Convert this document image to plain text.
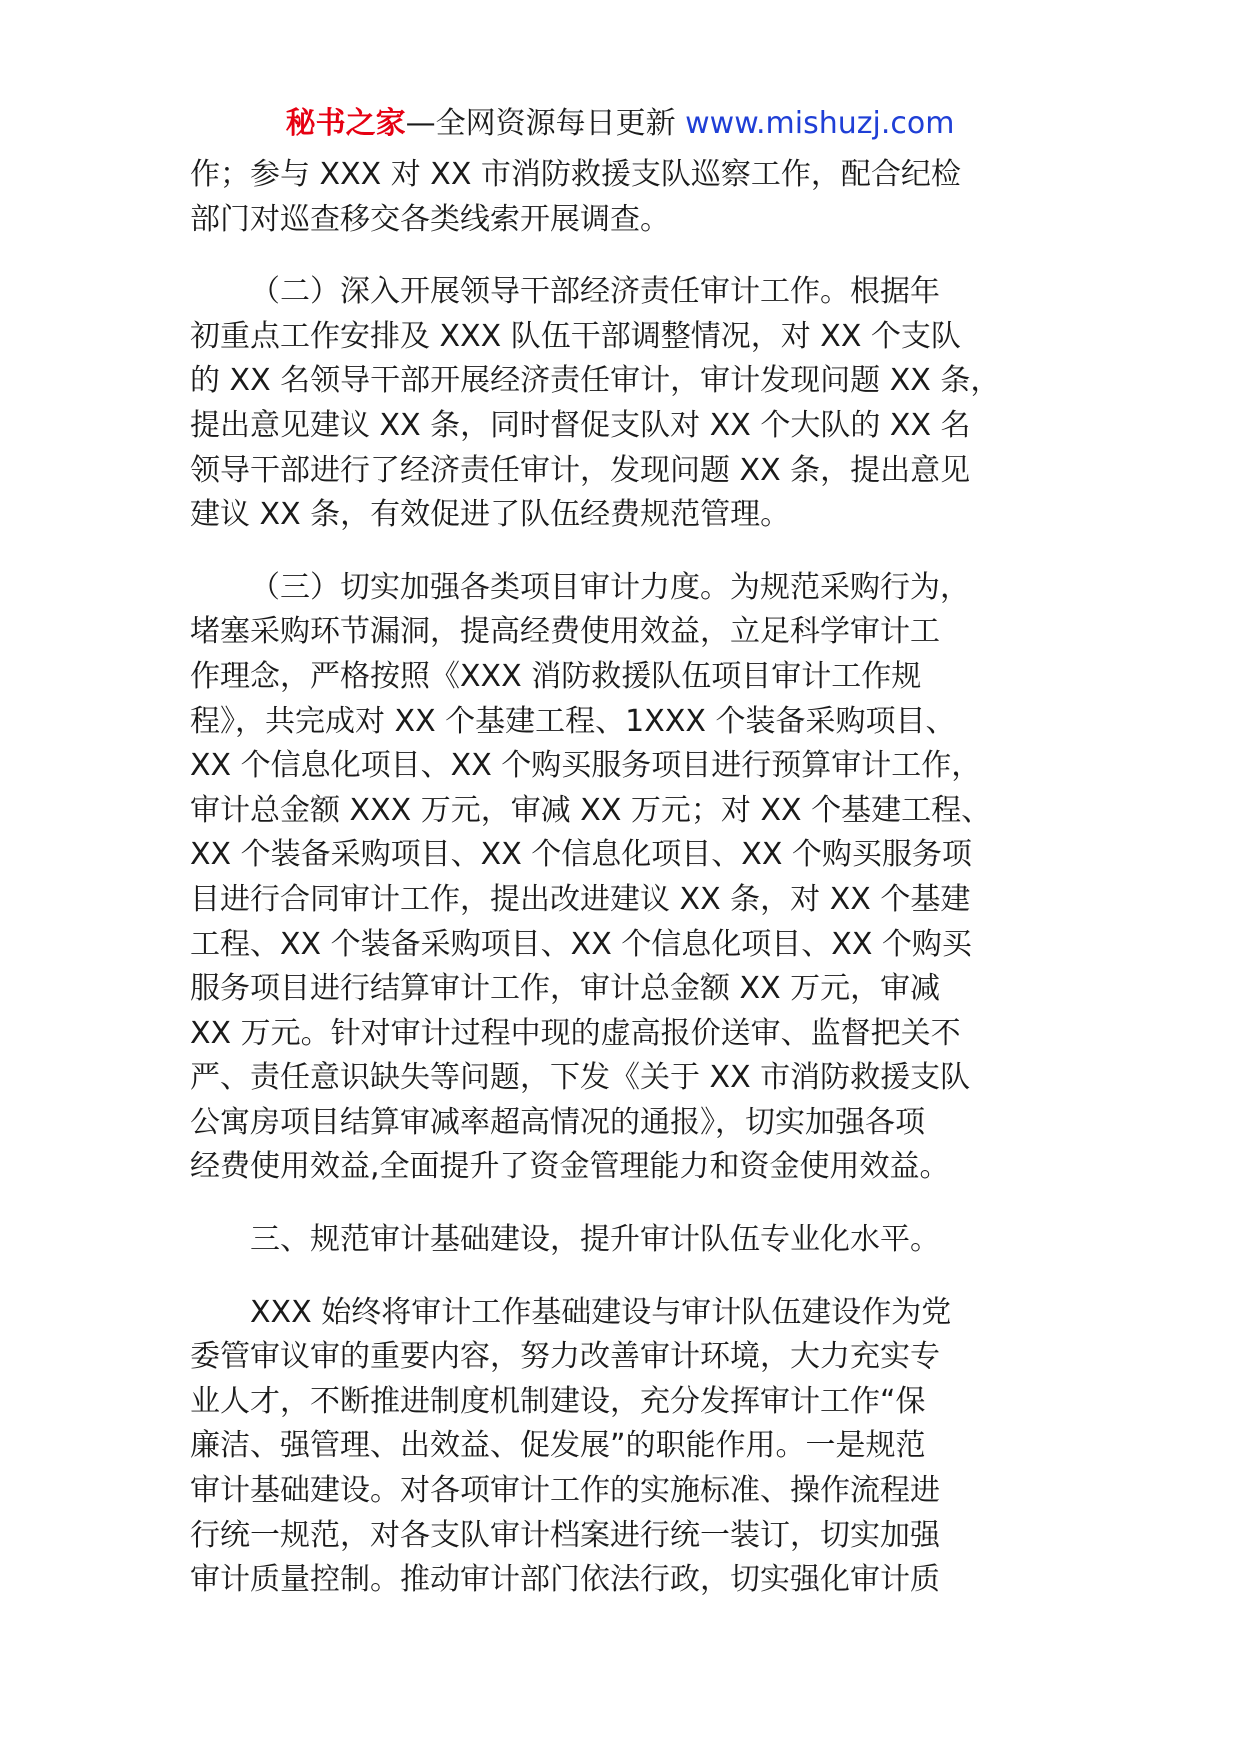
秘书之家—全网资源每日更新 www.mishuzj.com

作；参与 XXX 对 XX 市消防救援支队巡察工作，配合纪检
部门对巡查移交各类线索开展调查。

（二）深入开展领导干部经济责任审计工作。根据年
初重点工作安排及 XXX 队伍干部调整情况，对 XX 个支队
的 XX 名领导干部开展经济责任审计，审计发现问题 XX 条，
提出意见建议 XX 条，同时督促支队对 XX 个大队的 XX 名
领导干部进行了经济责任审计，发现问题 XX 条，提出意见
建议 XX 条，有效促进了队伍经费规范管理。

（三）切实加强各类项目审计力度。为规范采购行为，
堵塞采购环节漏洞，提高经费使用效益，立足科学审计工
作理念，严格按照《XXX 消防救援队伍项目审计工作规
程》，共完成对 XX 个基建工程、1XXX 个装备采购项目、
XX 个信息化项目、XX 个购买服务项目进行预算审计工作，
审计总金额 XXX 万元，审减 XX 万元；对 XX 个基建工程、
XX 个装备采购项目、XX 个信息化项目、XX 个购买服务项
目进行合同审计工作，提出改进建议 XX 条，对 XX 个基建
工程、XX 个装备采购项目、XX 个信息化项目、XX 个购买
服务项目进行结算审计工作，审计总金额 XX 万元，审减
XX 万元。针对审计过程中现的虚高报价送审、监督把关不
严、责任意识缺失等问题，下发《关于 XX 市消防救援支队
公寓房项目结算审减率超高情况的通报》，切实加强各项
经费使用效益,全面提升了资金管理能力和资金使用效益。

三、规范审计基础建设，提升审计队伍专业化水平。

XXX 始终将审计工作基础建设与审计队伍建设作为党
委管审议审的重要内容，努力改善审计环境，大力充实专
业人才，不断推进制度机制建设，充分发挥审计工作“保
廉洁、强管理、出效益、促发展”的职能作用。一是规范
审计基础建设。对各项审计工作的实施标准、操作流程进
行统一规范，对各支队审计档案进行统一装订，切实加强
审计质量控制。推动审计部门依法行政，切实强化审计质
